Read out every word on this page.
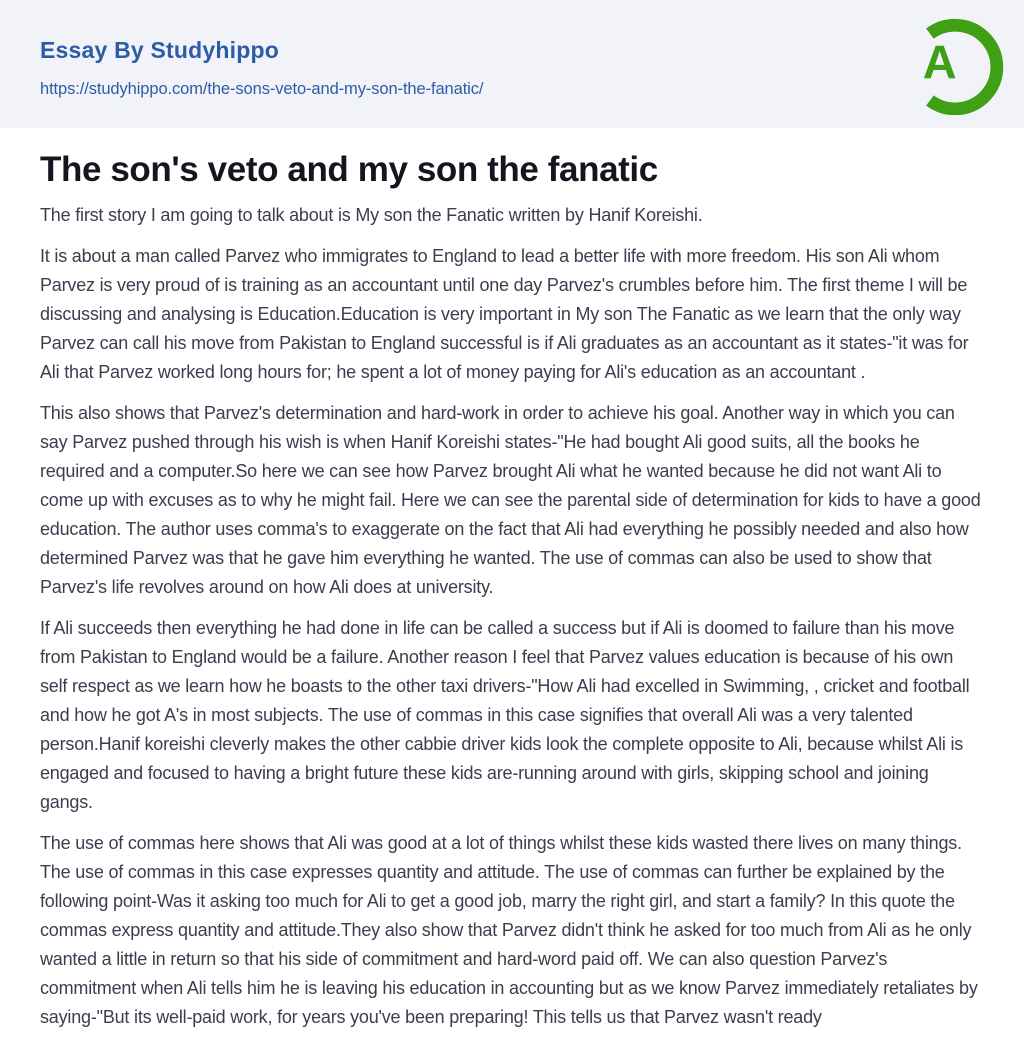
Essay By Studyhippo
https://studyhippo.com/the-sons-veto-and-my-son-the-fanatic/
A
The son's veto and my son the fanatic

The first story I am going to talk about is My son the Fanatic written by Hanif Koreishi.

It is about a man called Parvez who immigrates to England to lead a better life with more freedom. His son Ali whom Parvez is very proud of is training as an accountant until one day Parvez's crumbles before him. The first theme I will be discussing and analysing is Education.Education is very important in My son The Fanatic as we learn that the only way Parvez can call his move from Pakistan to England successful is if Ali graduates as an accountant as it states-"it was for Ali that Parvez worked long hours for; he spent a lot of money paying for Ali's education as an accountant .

This also shows that Parvez's determination and hard-work in order to achieve his goal. Another way in which you can say Parvez pushed through his wish is when Hanif Koreishi states-"He had bought Ali good suits, all the books he required and a computer.So here we can see how Parvez brought Ali what he wanted because he did not want Ali to come up with excuses as to why he might fail. Here we can see the parental side of determination for kids to have a good education. The author uses comma's to exaggerate on the fact that Ali had everything he possibly needed and also how determined Parvez was that he gave him everything he wanted. The use of commas can also be used to show that Parvez's life revolves around on how Ali does at university.

If Ali succeeds then everything he had done in life can be called a success but if Ali is doomed to failure than his move from Pakistan to England would be a failure. Another reason I feel that Parvez values education is because of his own self respect as we learn how he boasts to the other taxi drivers-"How Ali had excelled in Swimming, , cricket and football and how he got A's in most subjects. The use of commas in this case signifies that overall Ali was a very talented person.Hanif koreishi cleverly makes the other cabbie driver kids look the complete opposite to Ali, because whilst Ali is engaged and focused to having a bright future these kids are-running around with girls, skipping school and joining gangs.

The use of commas here shows that Ali was good at a lot of things whilst these kids wasted there lives on many things. The use of commas in this case expresses quantity and attitude. The use of commas can further be explained by the following point-Was it asking too much for Ali to get a good job, marry the right girl, and start a family? In this quote the commas express quantity and attitude.They also show that Parvez didn't think he asked for too much from Ali as he only wanted a little in return so that his side of commitment and hard-word paid off. We can also question Parvez's commitment when Ali tells him he is leaving his education in accounting but as we know Parvez immediately retaliates by saying-"But its well-paid work, for years you've been preparing! This tells us that Parvez wasn't ready
